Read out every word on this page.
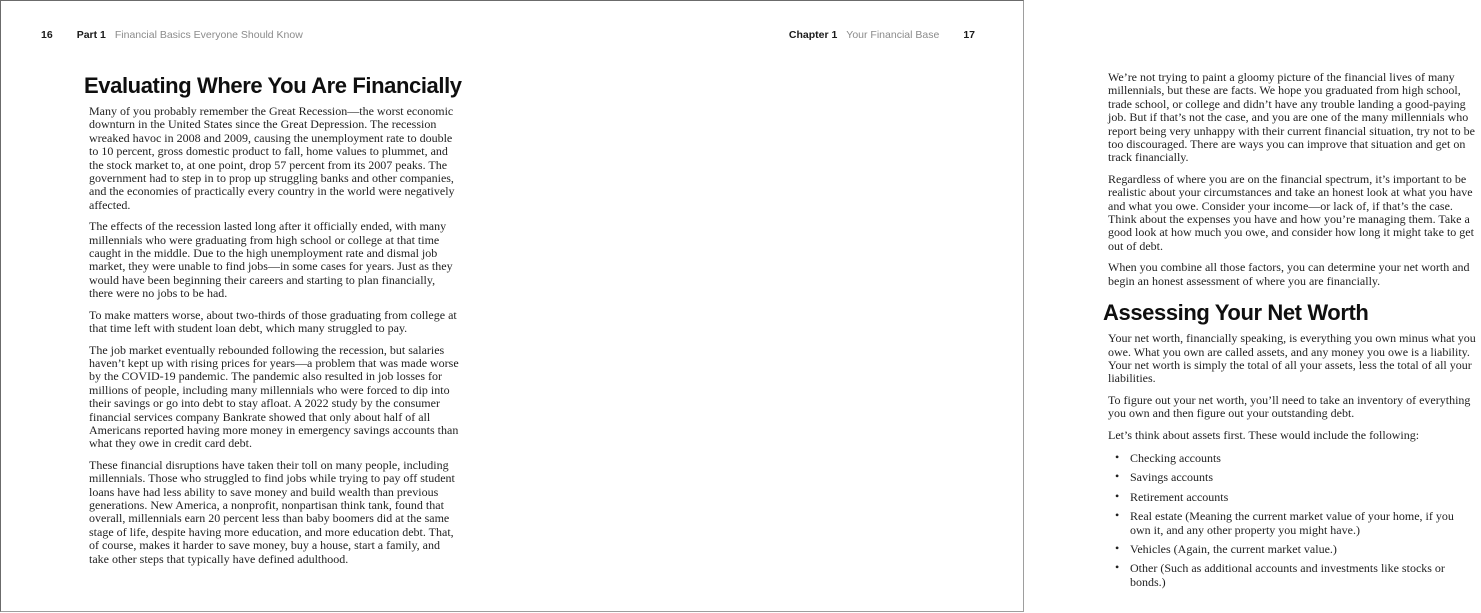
16 Part 1 Financial Basics Everyone Should Know
Evaluating Where You Are Financially

Many of you probably remember the Great Recession—the worst economic downturn in the United States since the Great Depression. The recession wreaked havoc in 2008 and 2009, causing the unemployment rate to double to 10 percent, gross domestic product to fall, home values to plummet, and the stock market to, at one point, drop 57 percent from its 2007 peaks. The government had to step in to prop up struggling banks and other companies, and the economies of practically every country in the world were negatively affected.

The effects of the recession lasted long after it officially ended, with many millennials who were graduating from high school or college at that time caught in the middle. Due to the high unemployment rate and dismal job market, they were unable to find jobs—in some cases for years. Just as they would have been beginning their careers and starting to plan financially, there were no jobs to be had.

To make matters worse, about two-thirds of those graduating from college at that time left with student loan debt, which many struggled to pay.

The job market eventually rebounded following the recession, but salaries haven’t kept up with rising prices for years—a problem that was made worse by the COVID-19 pandemic. The pandemic also resulted in job losses for millions of people, including many millennials who were forced to dip into their savings or go into debt to stay afloat. A 2022 study by the consumer financial services company Bankrate showed that only about half of all Americans reported having more money in emergency savings accounts than what they owe in credit card debt.

These financial disruptions have taken their toll on many people, including millennials. Those who struggled to find jobs while trying to pay off student loans have had less ability to save money and build wealth than previous generations. New America, a nonprofit, nonpartisan think tank, found that overall, millennials earn 20 percent less than baby boomers did at the same stage of life, despite having more education, and more education debt. That, of course, makes it harder to save money, buy a house, start a family, and take other steps that typically have defined adulthood.

Chapter 1 Your Financial Base 17

We’re not trying to paint a gloomy picture of the financial lives of many millennials, but these are facts. We hope you graduated from high school, trade school, or college and didn’t have any trouble landing a good-paying job. But if that’s not the case, and you are one of the many millennials who report being very unhappy with their current financial situation, try not to be too discouraged. There are ways you can improve that situation and get on track financially.

Regardless of where you are on the financial spectrum, it’s important to be realistic about your circumstances and take an honest look at what you have and what you owe. Consider your income—or lack of, if that’s the case. Think about the expenses you have and how you’re managing them. Take a good look at how much you owe, and consider how long it might take to get out of debt.

When you combine all those factors, you can determine your net worth and begin an honest assessment of where you are financially.

Assessing Your Net Worth

Your net worth, financially speaking, is everything you own minus what you owe. What you own are called assets, and any money you owe is a liability. Your net worth is simply the total of all your assets, less the total of all your liabilities.

To figure out your net worth, you’ll need to take an inventory of everything you own and then figure out your outstanding debt.

Let’s think about assets first. These would include the following:

• Checking accounts
• Savings accounts
• Retirement accounts
• Real estate (Meaning the current market value of your home, if you own it, and any other property you might have.)
• Vehicles (Again, the current market value.)
• Other (Such as additional accounts and investments like stocks or bonds.)
